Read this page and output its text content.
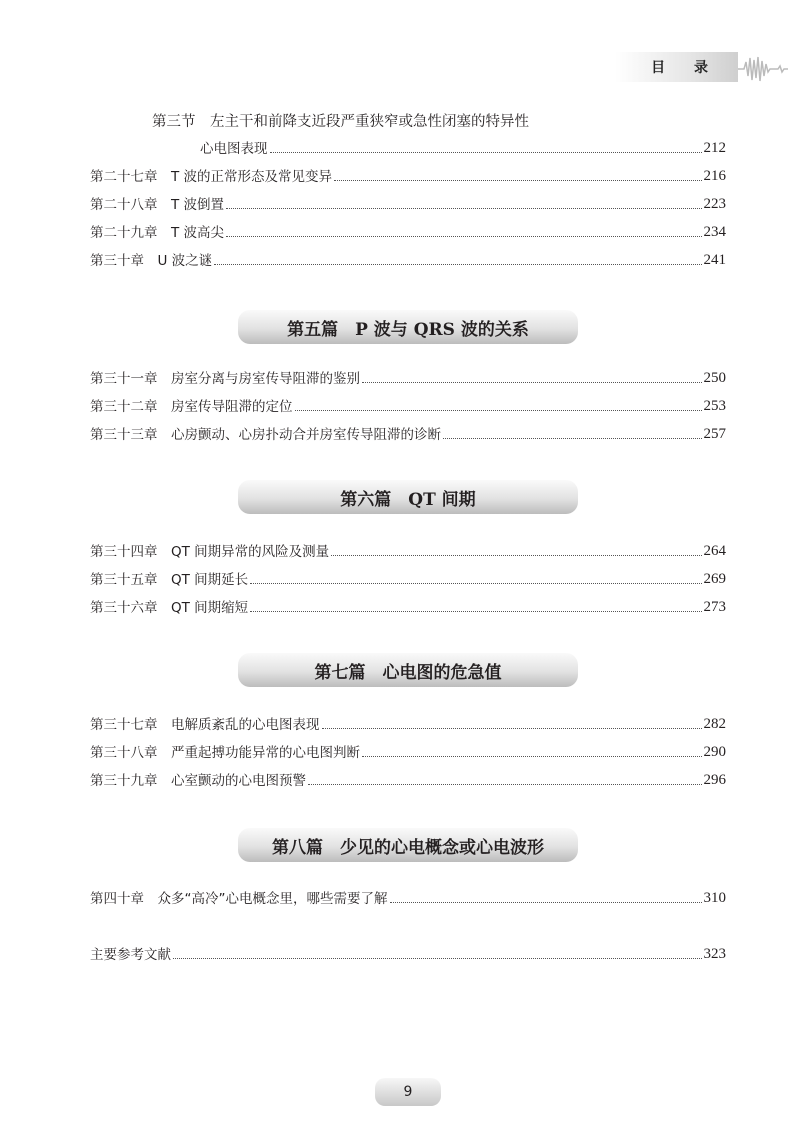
目 录
第三节　左主干和前降支近段严重狭窄或急性闭塞的特异性
心电图表现	212
第二十七章　T 波的正常形态及常见变异	216
第二十八章　T 波倒置	223
第二十九章　T 波高尖	234
第三十章　U 波之谜	241
第五篇　P 波与 QRS 波的关系
第三十一章　房室分离与房室传导阻滞的鉴别	250
第三十二章　房室传导阻滞的定位	253
第三十三章　心房颤动、心房扑动合并房室传导阻滞的诊断	257
第六篇　QT 间期
第三十四章　QT 间期异常的风险及测量	264
第三十五章　QT 间期延长	269
第三十六章　QT 间期缩短	273
第七篇　心电图的危急值
第三十七章　电解质紊乱的心电图表现	282
第三十八章　严重起搏功能异常的心电图判断	290
第三十九章　心室颤动的心电图预警	296
第八篇　少见的心电概念或心电波形
第四十章　众多“高冷”心电概念里，哪些需要了解	310
主要参考文献	323
9
